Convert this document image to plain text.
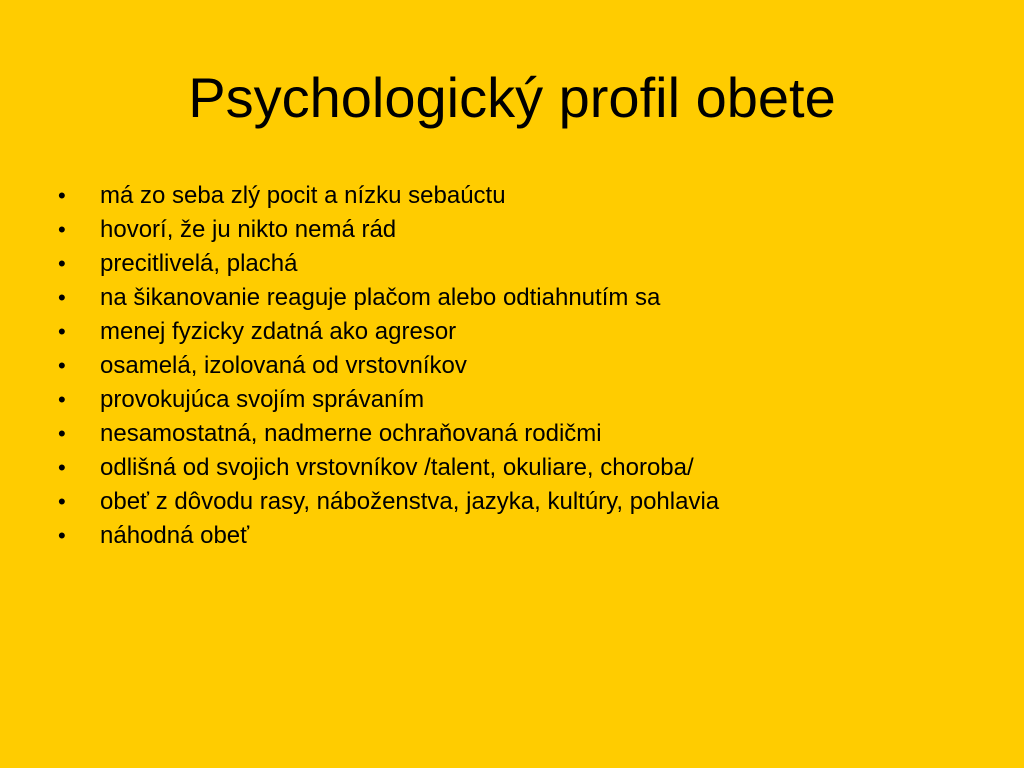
Psychologický profil obete
•	má zo seba zlý pocit a nízku sebaúctu
•	hovorí, že ju nikto nemá rád
•	precitlivelá, plachá
•	na šikanovanie reaguje plačom alebo odtiahnutím sa
•	menej fyzicky zdatná ako agresor
•	osamelá, izolovaná od vrstovníkov
•	provokujúca svojím správaním
•	nesamostatná, nadmerne ochraňovaná rodičmi
•	odlišná od svojich vrstovníkov /talent, okuliare, choroba/
•	obeť z dôvodu rasy, náboženstva, jazyka, kultúry, pohlavia
•	náhodná obeť
